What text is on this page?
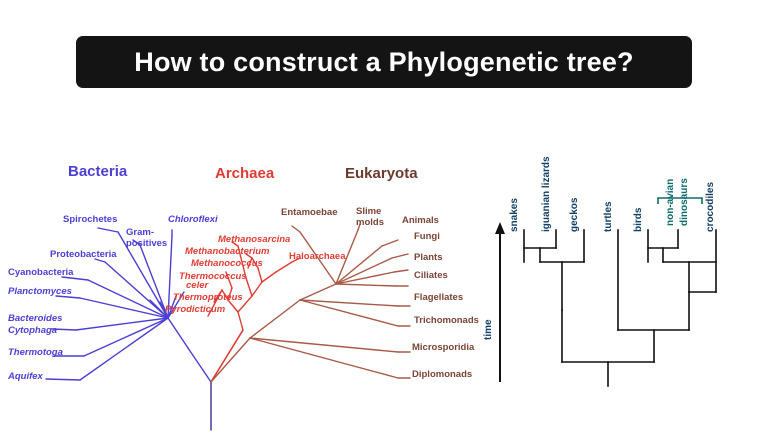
How to construct a Phylogenetic tree?
Bacteria	Archaea	Eukaryota
Spirochetes
Gram-
positives
Proteobacteria
Cyanobacteria
Planctomyces
Bacteroides
Cytophaga
Thermotoga
Aquifex
Chloroflexi
Methanosarcina
Methanobacterium
Methanococcus
Thermococcus
celer
Thermoproteus
Pyrodicticum
Haloarchaea
Entamoebae Slime
molds Animals
Fungi
Plants
Ciliates
Flagellates
Trichomonads
Microsporidia
Diplomonads
snakes iguanian lizards geckos turtles birds non-avian dinosaurs crocodiles
time
